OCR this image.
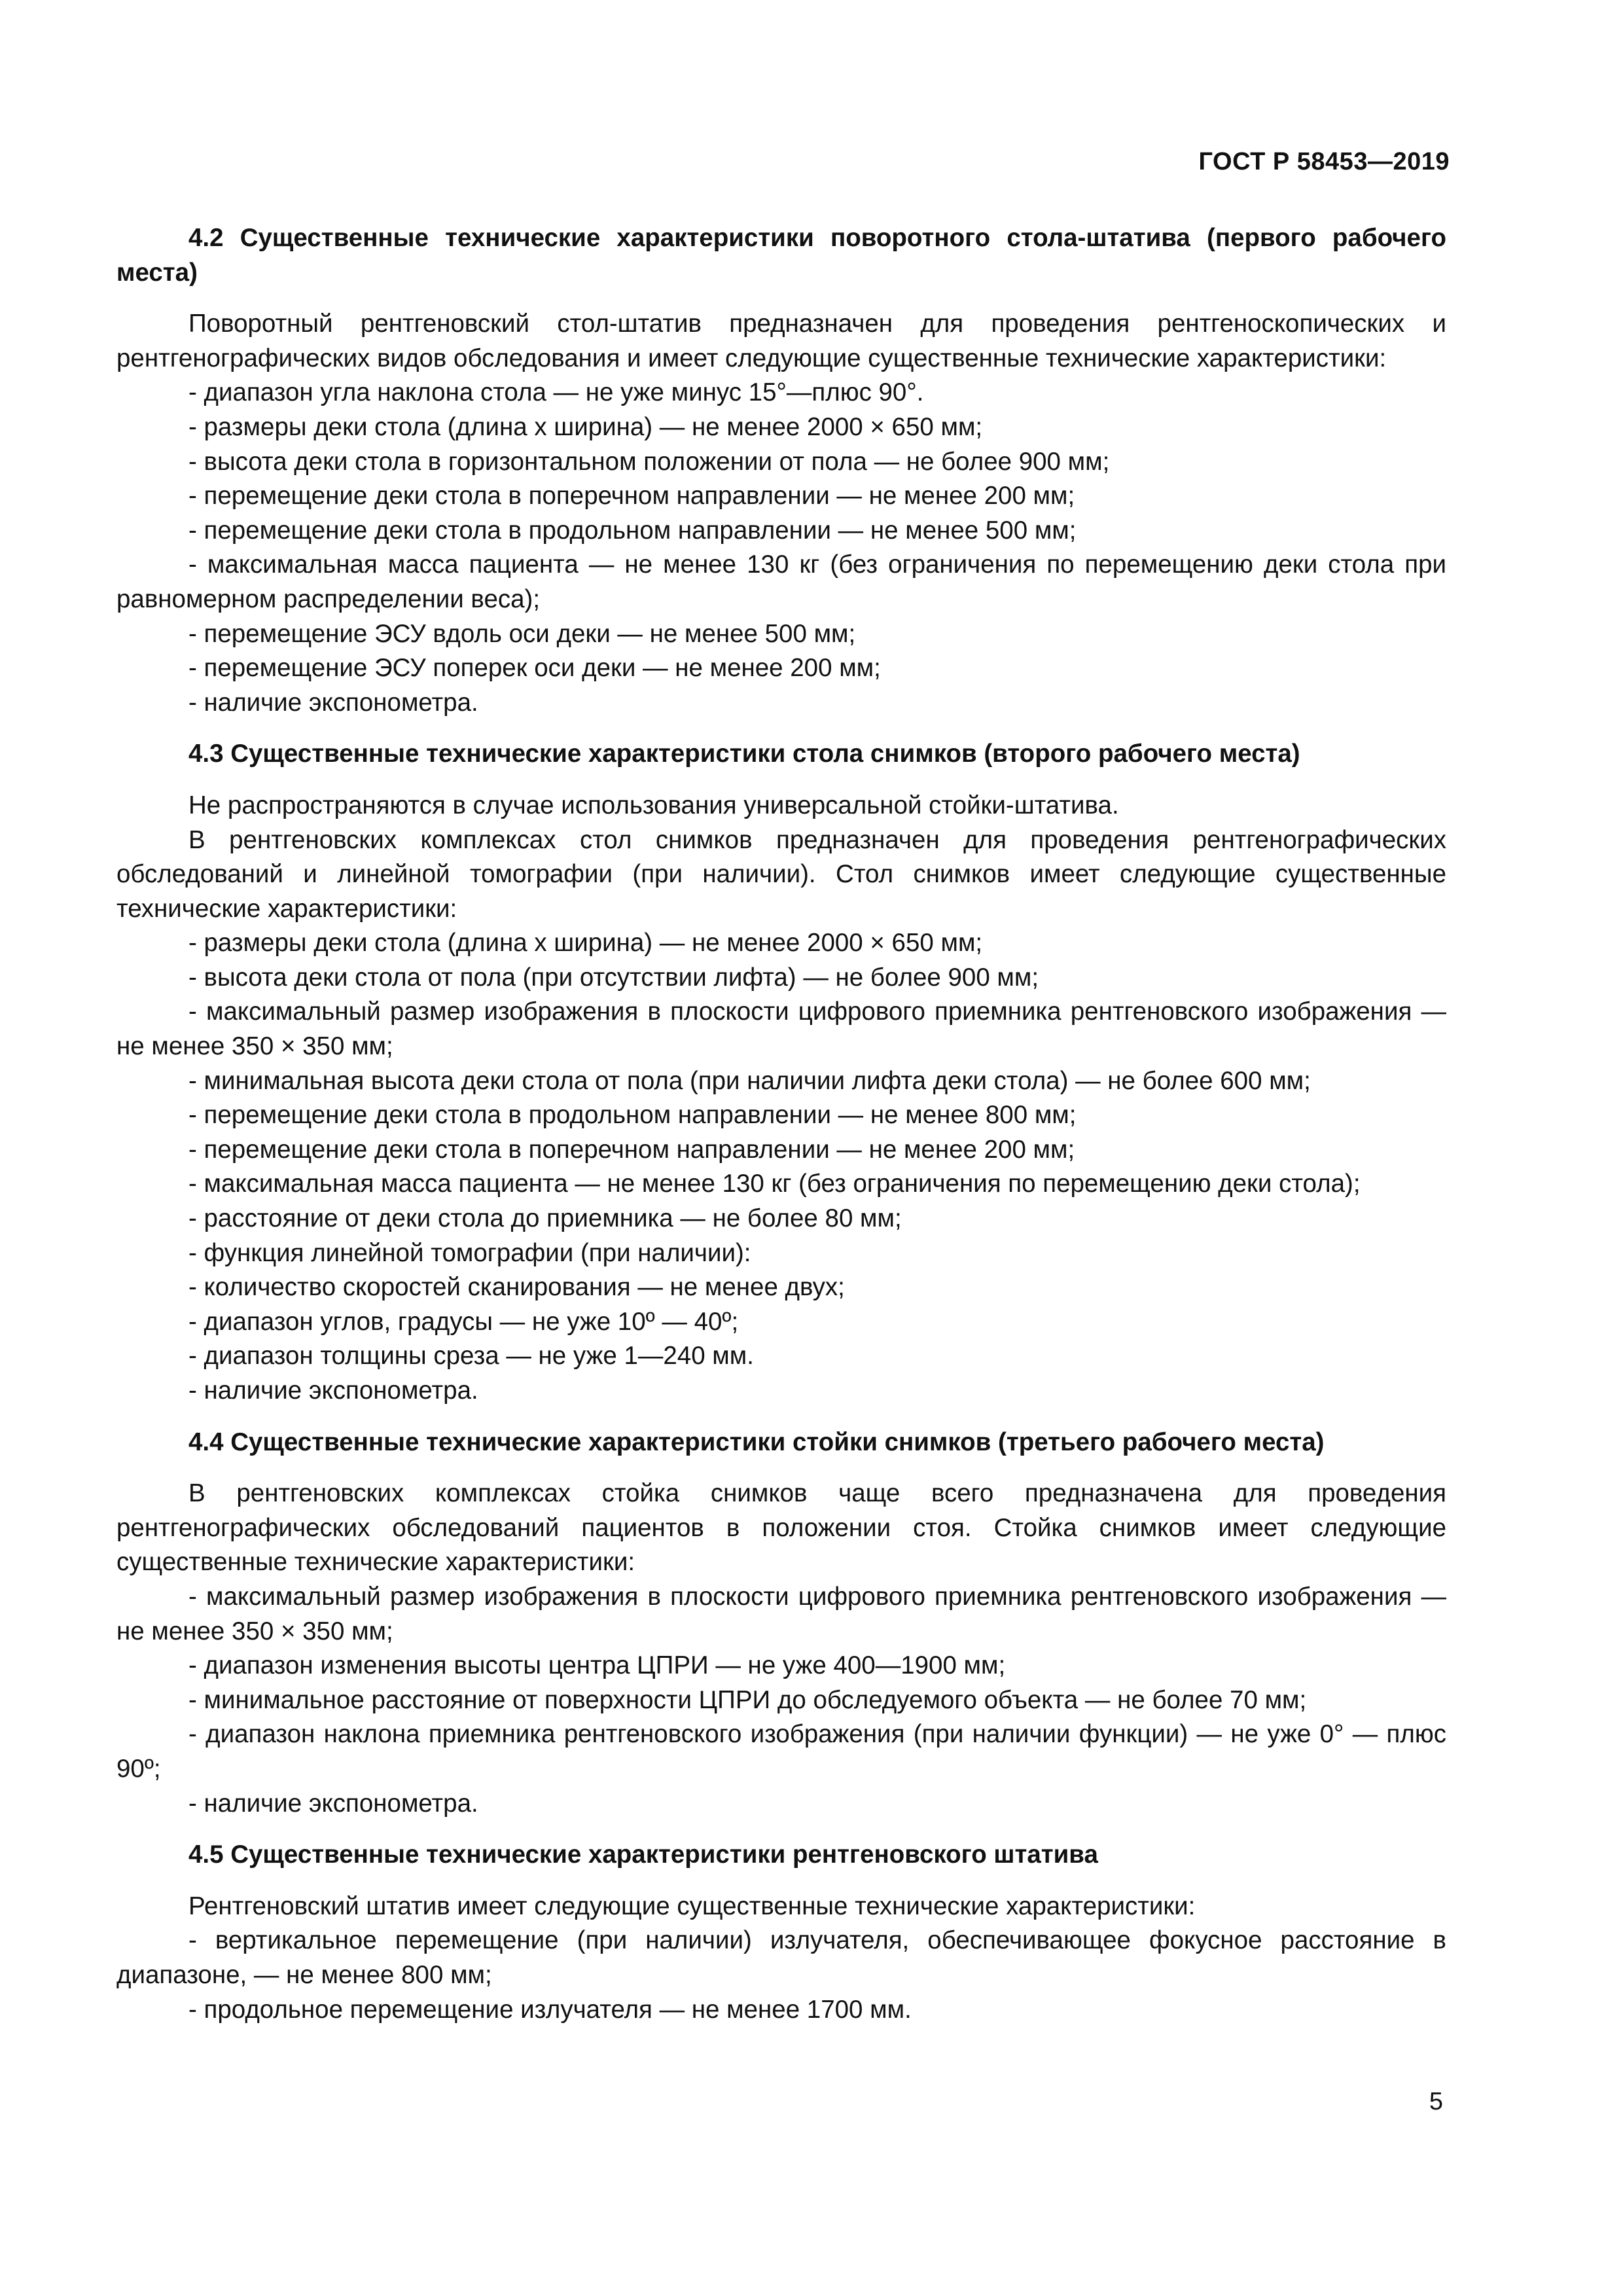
ГОСТ Р 58453—2019
4.2 Существенные технические характеристики поворотного стола-штатива (первого рабочего места)
Поворотный рентгеновский стол-штатив предназначен для проведения рентгеноскопических и рентгенографических видов обследования и имеет следующие существенные технические характеристики:
- диапазон угла наклона стола — не уже минус 15°—плюс 90°.
- размеры деки стола (длина х ширина) — не менее 2000 × 650 мм;
- высота деки стола в горизонтальном положении от пола — не более 900 мм;
- перемещение деки стола в поперечном направлении — не менее 200 мм;
- перемещение деки стола в продольном направлении — не менее 500 мм;
- максимальная масса пациента — не менее 130 кг (без ограничения по перемещению деки стола при равномерном распределении веса);
- перемещение ЭСУ вдоль оси деки — не менее 500 мм;
- перемещение ЭСУ поперек оси деки — не менее 200 мм;
- наличие экспонометра.
4.3 Существенные технические характеристики стола снимков (второго рабочего места)
Не распространяются в случае использования универсальной стойки-штатива.
В рентгеновских комплексах стол снимков предназначен для проведения рентгенографических обследований и линейной томографии (при наличии). Стол снимков имеет следующие существенные технические характеристики:
- размеры деки стола (длина х ширина) — не менее 2000 × 650 мм;
- высота деки стола от пола (при отсутствии лифта) — не более 900 мм;
- максимальный размер изображения в плоскости цифрового приемника рентгеновского изображения — не менее 350 × 350 мм;
- минимальная высота деки стола от пола (при наличии лифта деки стола) — не более 600 мм;
- перемещение деки стола в продольном направлении — не менее 800 мм;
- перемещение деки стола в поперечном направлении — не менее 200 мм;
- максимальная масса пациента — не менее 130 кг (без ограничения по перемещению деки стола);
- расстояние от деки стола до приемника — не более 80 мм;
- функция линейной томографии (при наличии):
- количество скоростей сканирования — не менее двух;
- диапазон углов, градусы — не уже 10º — 40º;
- диапазон толщины среза — не уже 1—240 мм.
- наличие экспонометра.
4.4 Существенные технические характеристики стойки снимков (третьего рабочего места)
В рентгеновских комплексах стойка снимков чаще всего предназначена для проведения рентгенографических обследований пациентов в положении стоя. Стойка снимков имеет следующие существенные технические характеристики:
- максимальный размер изображения в плоскости цифрового приемника рентгеновского изображения — не менее 350 × 350 мм;
- диапазон изменения высоты центра ЦПРИ — не уже 400—1900 мм;
- минимальное расстояние от поверхности ЦПРИ до обследуемого объекта — не более 70 мм;
- диапазон наклона приемника рентгеновского изображения (при наличии функции) — не уже 0° — плюс 90º;
- наличие экспонометра.
4.5 Существенные технические характеристики рентгеновского штатива
Рентгеновский штатив имеет следующие существенные технические характеристики:
- вертикальное перемещение (при наличии) излучателя, обеспечивающее фокусное расстояние в диапазоне, — не менее 800 мм;
- продольное перемещение излучателя — не менее 1700 мм.
5
